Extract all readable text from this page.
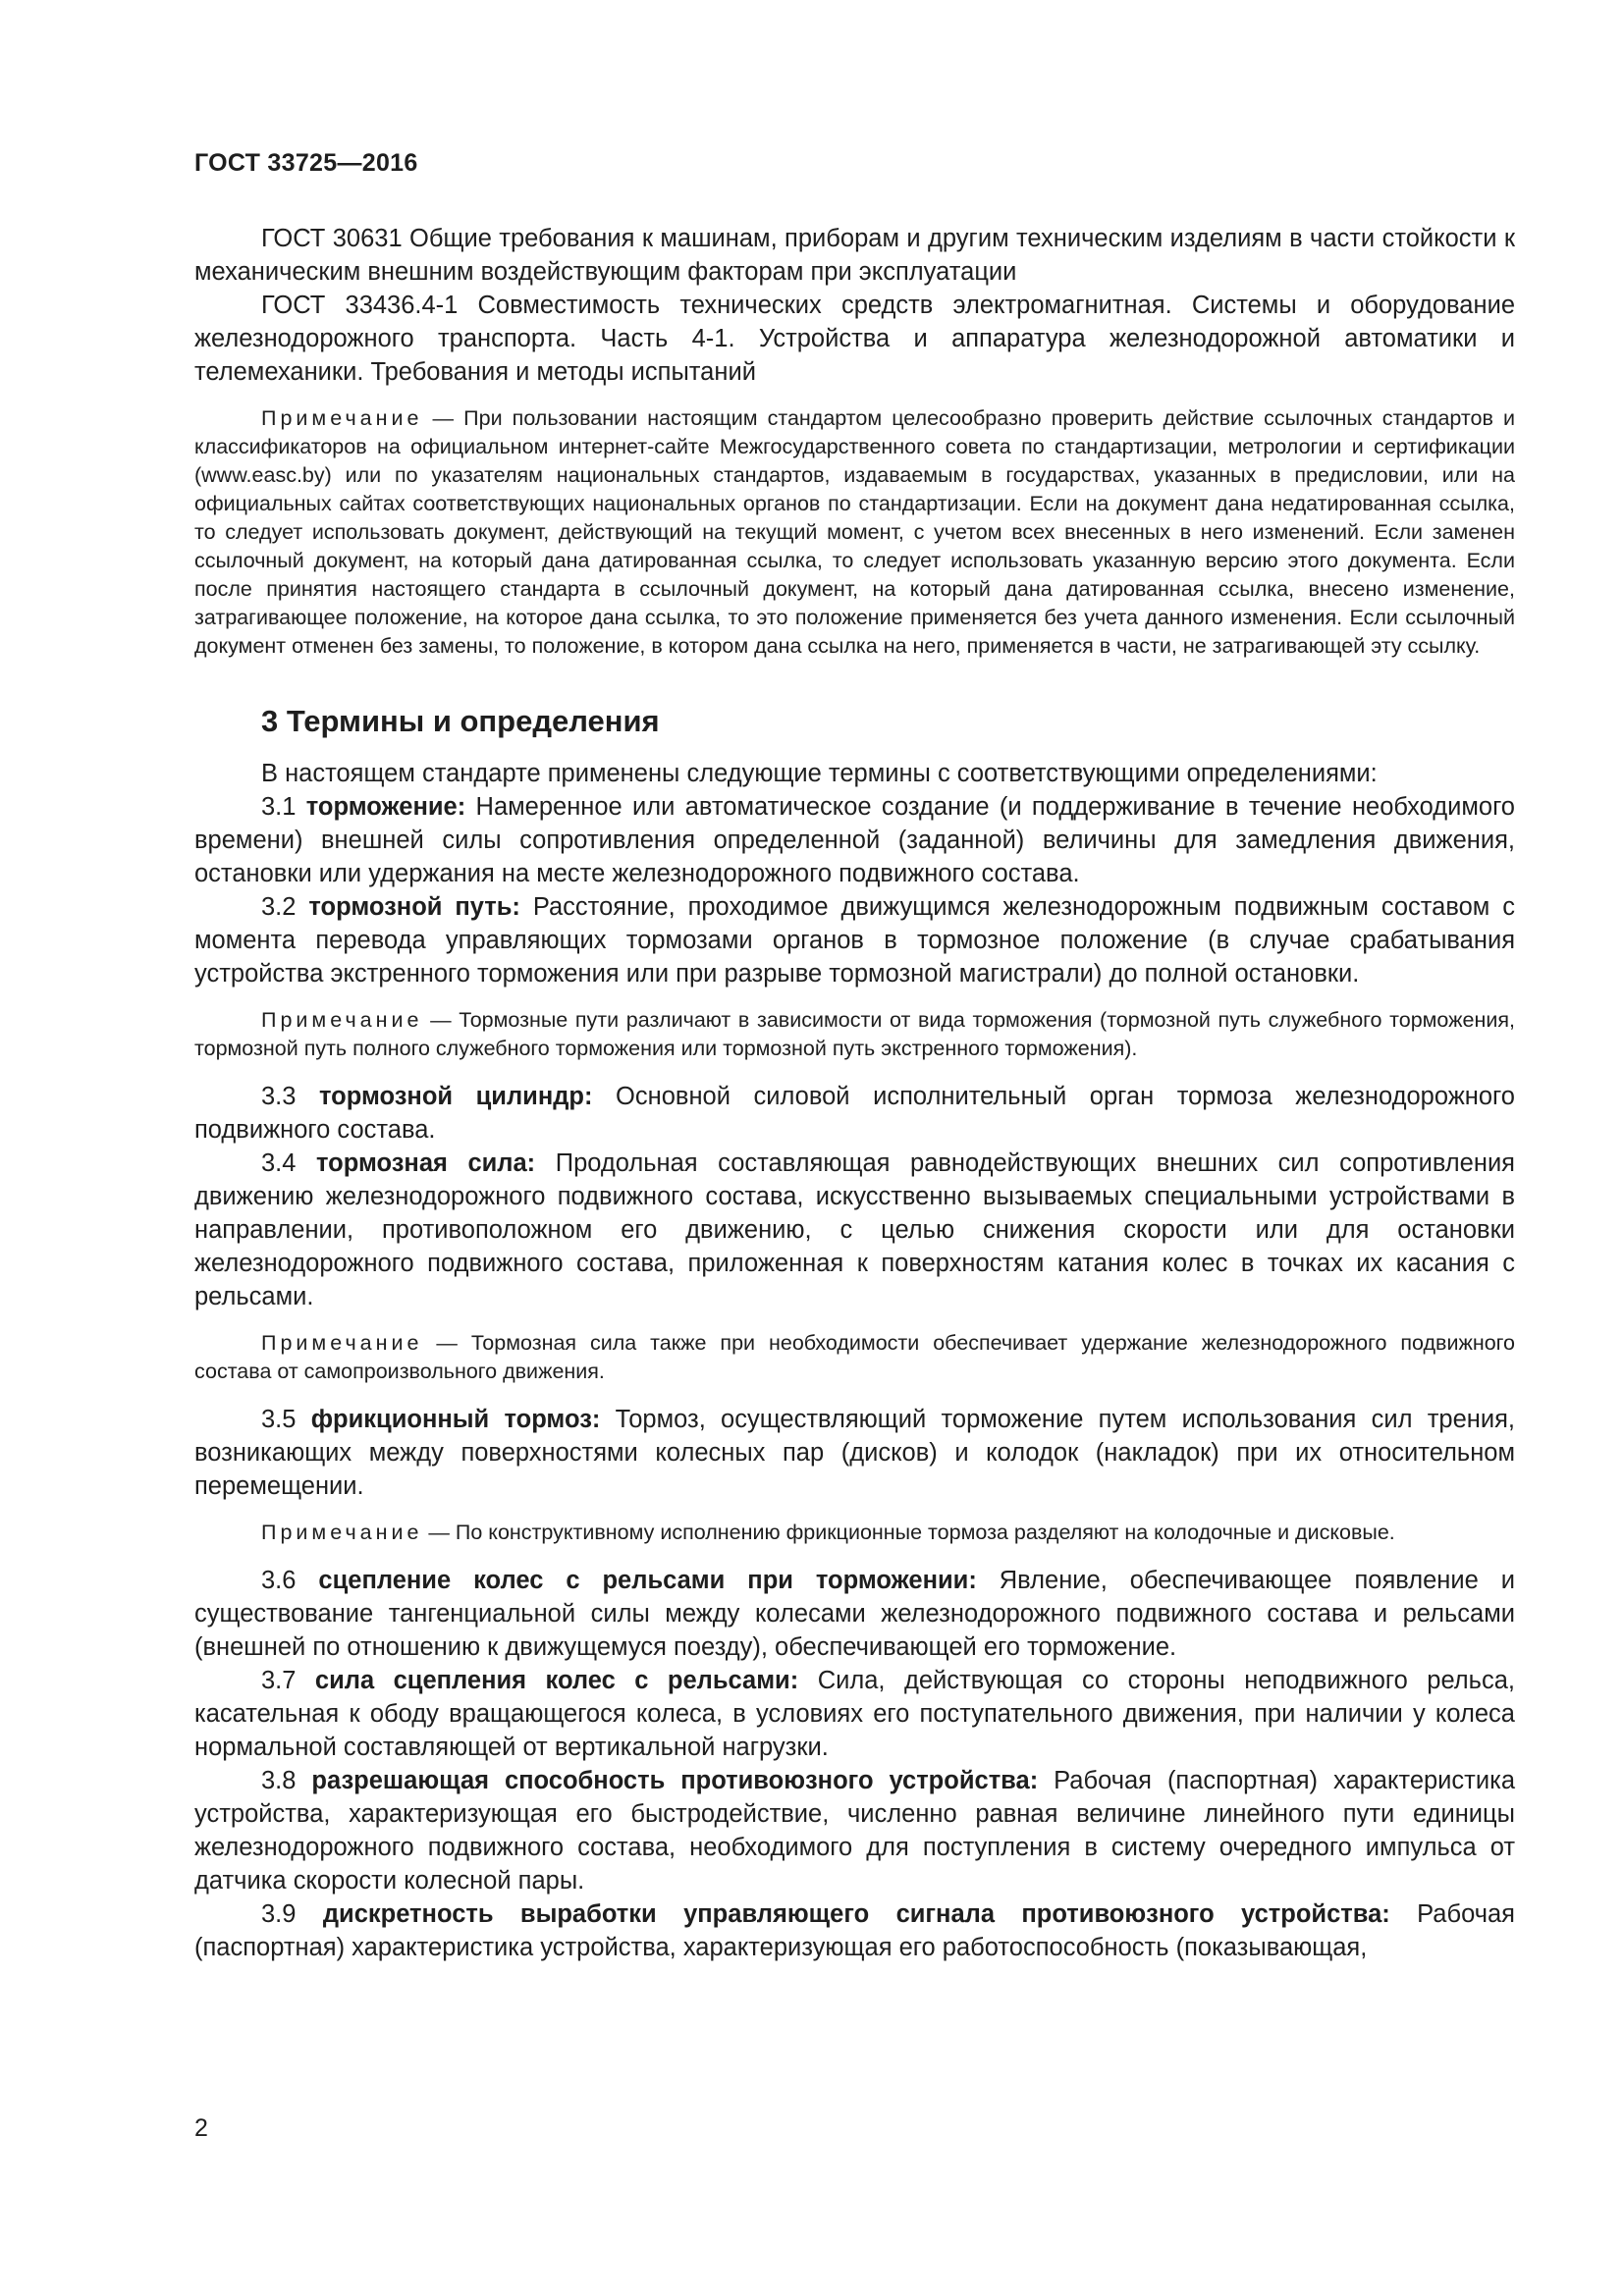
ГОСТ 33725—2016

ГОСТ 30631 Общие требования к машинам, приборам и другим техническим изделиям в части стойкости к механическим внешним воздействующим факторам при эксплуатации

ГОСТ 33436.4-1 Совместимость технических средств электромагнитная. Системы и оборудование железнодорожного транспорта. Часть 4-1. Устройства и аппаратура железнодорожной автоматики и телемеханики. Требования и методы испытаний

Примечание — При пользовании настоящим стандартом целесообразно проверить действие ссылочных стандартов и классификаторов на официальном интернет-сайте Межгосударственного совета по стандартизации, метрологии и сертификации (www.easc.by) или по указателям национальных стандартов, издаваемым в государствах, указанных в предисловии, или на официальных сайтах соответствующих национальных органов по стандартизации. Если на документ дана недатированная ссылка, то следует использовать документ, действующий на текущий момент, с учетом всех внесенных в него изменений. Если заменен ссылочный документ, на который дана датированная ссылка, то следует использовать указанную версию этого документа. Если после принятия настоящего стандарта в ссылочный документ, на который дана датированная ссылка, внесено изменение, затрагивающее положение, на которое дана ссылка, то это положение применяется без учета данного изменения. Если ссылочный документ отменен без замены, то положение, в котором дана ссылка на него, применяется в части, не затрагивающей эту ссылку.

3 Термины и определения

В настоящем стандарте применены следующие термины с соответствующими определениями:

3.1 торможение: Намеренное или автоматическое создание (и поддерживание в течение необходимого времени) внешней силы сопротивления определенной (заданной) величины для замедления движения, остановки или удержания на месте железнодорожного подвижного состава.

3.2 тормозной путь: Расстояние, проходимое движущимся железнодорожным подвижным составом с момента перевода управляющих тормозами органов в тормозное положение (в случае срабатывания устройства экстренного торможения или при разрыве тормозной магистрали) до полной остановки.

Примечание — Тормозные пути различают в зависимости от вида торможения (тормозной путь служебного торможения, тормозной путь полного служебного торможения или тормозной путь экстренного торможения).

3.3 тормозной цилиндр: Основной силовой исполнительный орган тормоза железнодорожного подвижного состава.

3.4 тормозная сила: Продольная составляющая равнодействующих внешних сил сопротивления движению железнодорожного подвижного состава, искусственно вызываемых специальными устройствами в направлении, противоположном его движению, с целью снижения скорости или для остановки железнодорожного подвижного состава, приложенная к поверхностям катания колес в точках их касания с рельсами.

Примечание — Тормозная сила также при необходимости обеспечивает удержание железнодорожного подвижного состава от самопроизвольного движения.

3.5 фрикционный тормоз: Тормоз, осуществляющий торможение путем использования сил трения, возникающих между поверхностями колесных пар (дисков) и колодок (накладок) при их относительном перемещении.

Примечание — По конструктивному исполнению фрикционные тормоза разделяют на колодочные и дисковые.

3.6 сцепление колес с рельсами при торможении: Явление, обеспечивающее появление и существование тангенциальной силы между колесами железнодорожного подвижного состава и рельсами (внешней по отношению к движущемуся поезду), обеспечивающей его торможение.

3.7 сила сцепления колес с рельсами: Сила, действующая со стороны неподвижного рельса, касательная к ободу вращающегося колеса, в условиях его поступательного движения, при наличии у колеса нормальной составляющей от вертикальной нагрузки.

3.8 разрешающая способность противоюзного устройства: Рабочая (паспортная) характеристика устройства, характеризующая его быстродействие, численно равная величине линейного пути единицы железнодорожного подвижного состава, необходимого для поступления в систему очередного импульса от датчика скорости колесной пары.

3.9 дискретность выработки управляющего сигнала противоюзного устройства: Рабочая (паспортная) характеристика устройства, характеризующая его работоспособность (показывающая,

2
